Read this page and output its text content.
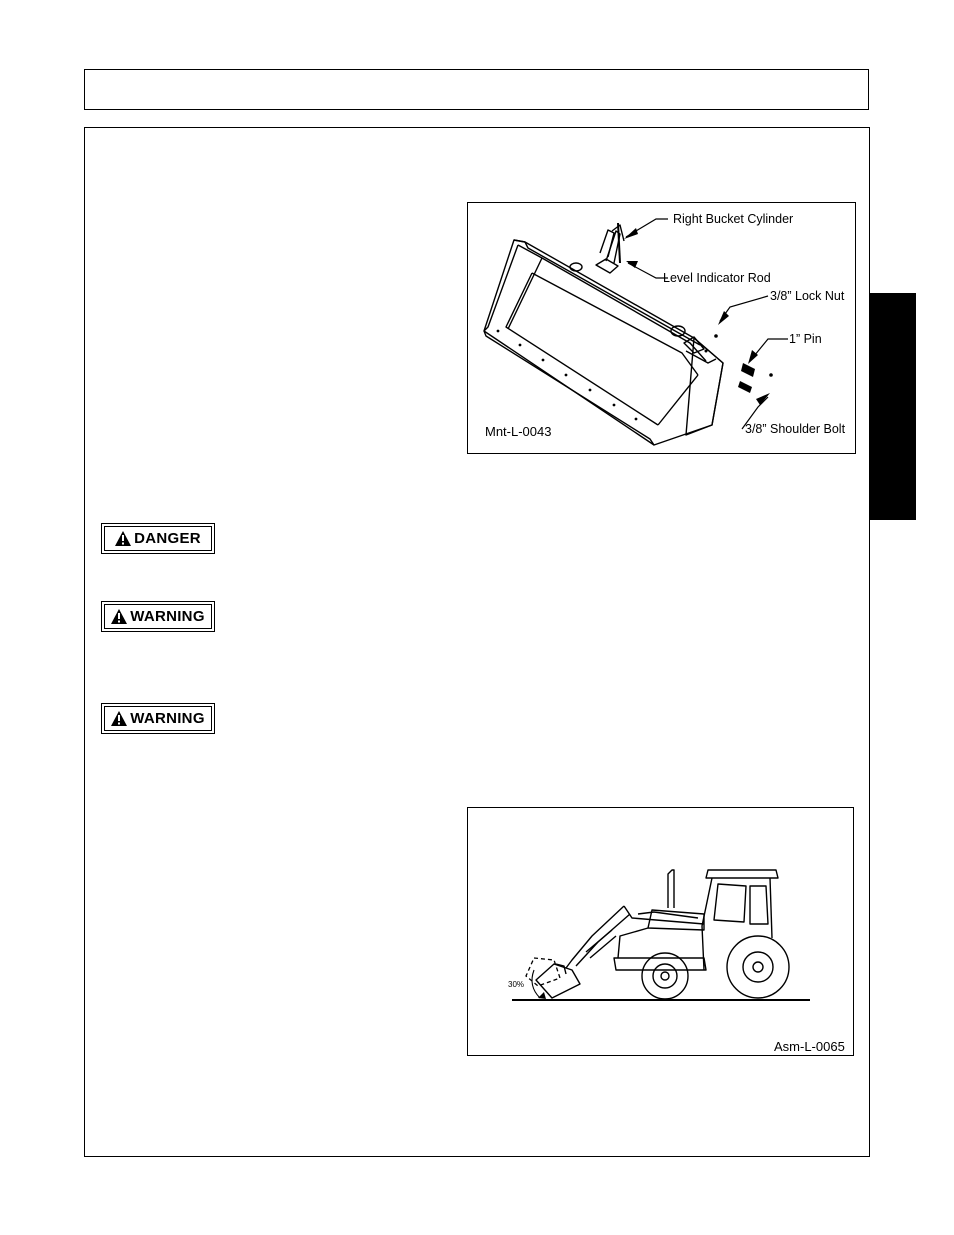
Right Bucket Cylinder
Level Indicator Rod
3/8” Lock Nut
1” Pin
3/8” Shoulder Bolt
Mnt-L-0043
DANGER
WARNING
WARNING
30%
Asm-L-0065
